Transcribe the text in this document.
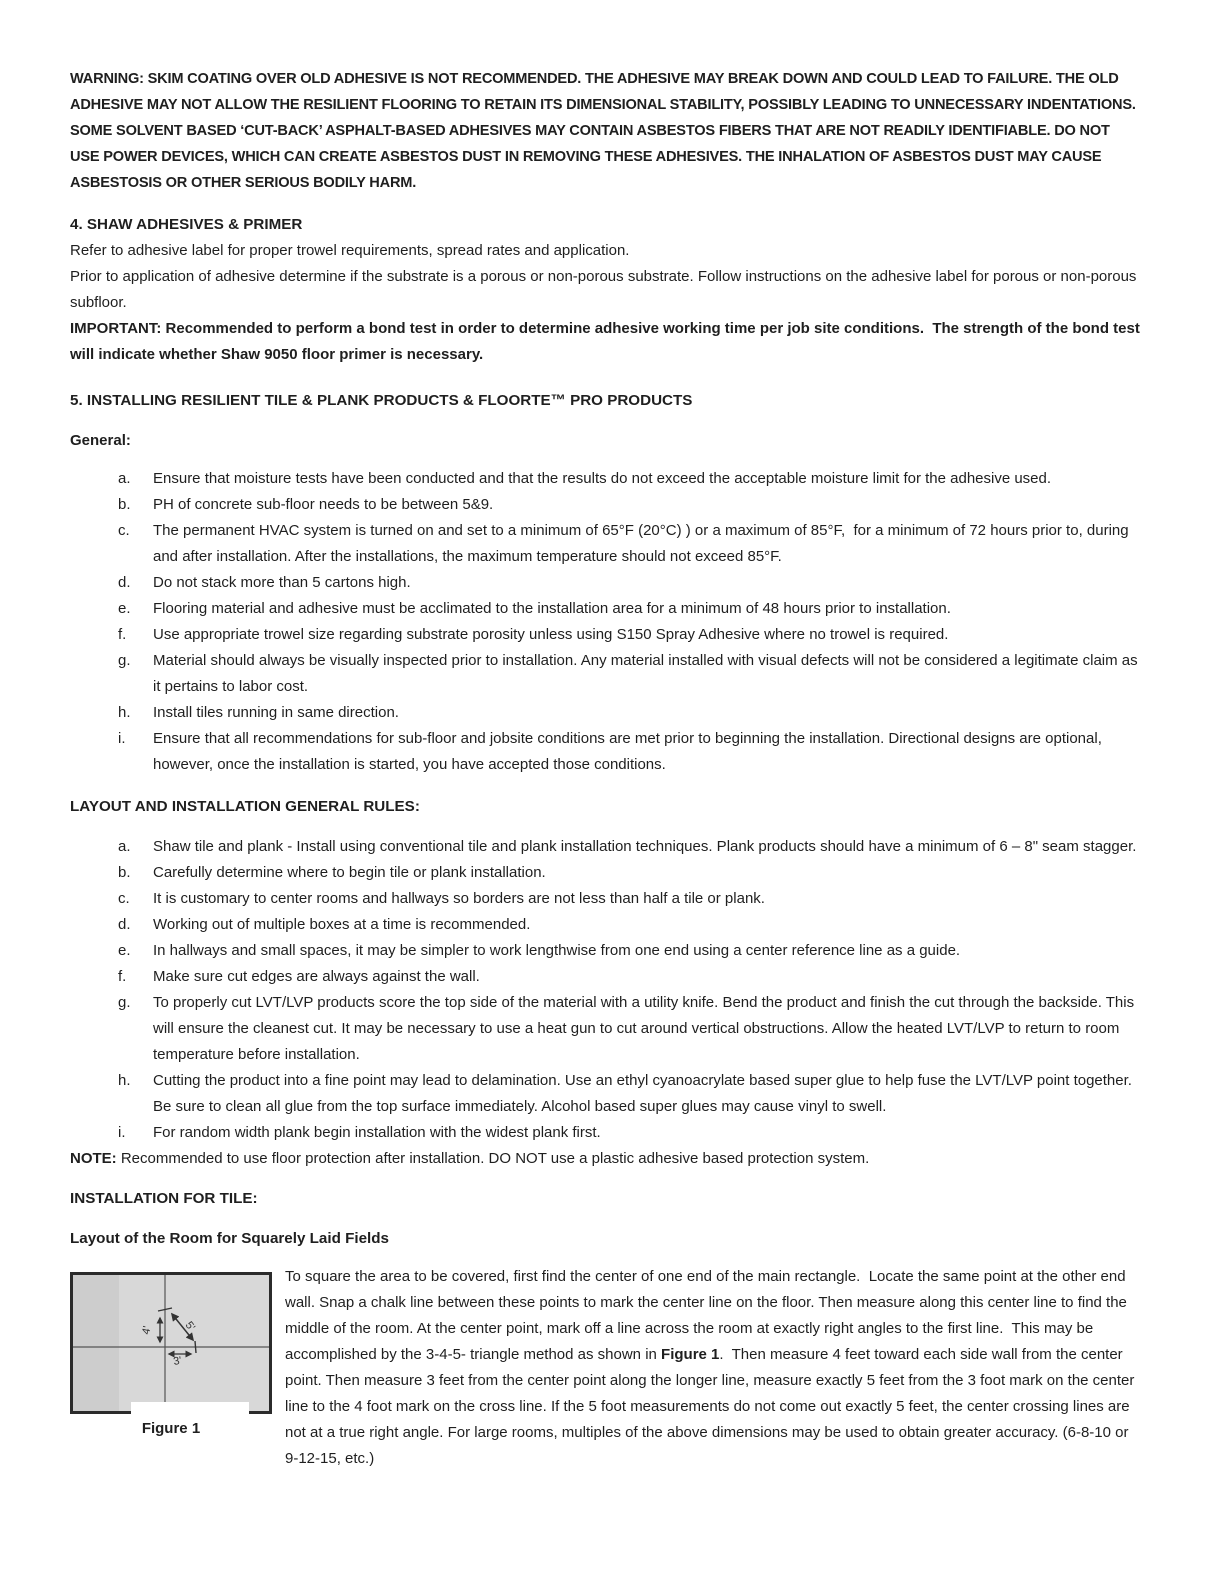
WARNING: SKIM COATING OVER OLD ADHESIVE IS NOT RECOMMENDED. THE ADHESIVE MAY BREAK DOWN AND COULD LEAD TO FAILURE. THE OLD ADHESIVE MAY NOT ALLOW THE RESILIENT FLOORING TO RETAIN ITS DIMENSIONAL STABILITY, POSSIBLY LEADING TO UNNECESSARY INDENTATIONS. SOME SOLVENT BASED ‘CUT-BACK’ ASPHALT-BASED ADHESIVES MAY CONTAIN ASBESTOS FIBERS THAT ARE NOT READILY IDENTIFIABLE. DO NOT USE POWER DEVICES, WHICH CAN CREATE ASBESTOS DUST IN REMOVING THESE ADHESIVES. THE INHALATION OF ASBESTOS DUST MAY CAUSE ASBESTOSIS OR OTHER SERIOUS BODILY HARM.

4. SHAW ADHESIVES & PRIMER

Refer to adhesive label for proper trowel requirements, spread rates and application.

Prior to application of adhesive determine if the substrate is a porous or non-porous substrate. Follow instructions on the adhesive label for porous or non-porous subfloor.

IMPORTANT: Recommended to perform a bond test in order to determine adhesive working time per job site conditions.  The strength of the bond test will indicate whether Shaw 9050 floor primer is necessary.

5. INSTALLING RESILIENT TILE & PLANK PRODUCTS & FLOORTE™ PRO PRODUCTS

General:

a.	Ensure that moisture tests have been conducted and that the results do not exceed the acceptable moisture limit for the adhesive used.
b.	PH of concrete sub-floor needs to be between 5&9.
c.	The permanent HVAC system is turned on and set to a minimum of 65°F (20°C) ) or a maximum of 85°F,  for a minimum of 72 hours prior to, during and after installation. After the installations, the maximum temperature should not exceed 85°F.
d.	Do not stack more than 5 cartons high.
e.	Flooring material and adhesive must be acclimated to the installation area for a minimum of 48 hours prior to installation.
f.	Use appropriate trowel size regarding substrate porosity unless using S150 Spray Adhesive where no trowel is required.
g.	Material should always be visually inspected prior to installation. Any material installed with visual defects will not be considered a legitimate claim as it pertains to labor cost.
h.	Install tiles running in same direction.
i.	Ensure that all recommendations for sub-floor and jobsite conditions are met prior to beginning the installation. Directional designs are optional, however, once the installation is started, you have accepted those conditions.

LAYOUT AND INSTALLATION GENERAL RULES:

a.	Shaw tile and plank - Install using conventional tile and plank installation techniques. Plank products should have a minimum of 6 – 8" seam stagger.
b.	Carefully determine where to begin tile or plank installation.
c.	It is customary to center rooms and hallways so borders are not less than half a tile or plank.
d.	Working out of multiple boxes at a time is recommended.
e.	In hallways and small spaces, it may be simpler to work lengthwise from one end using a center reference line as a guide.
f.	Make sure cut edges are always against the wall.
g.	To properly cut LVT/LVP products score the top side of the material with a utility knife. Bend the product and finish the cut through the backside. This will ensure the cleanest cut. It may be necessary to use a heat gun to cut around vertical obstructions. Allow the heated LVT/LVP to return to room temperature before installation.
h.	Cutting the product into a fine point may lead to delamination. Use an ethyl cyanoacrylate based super glue to help fuse the LVT/LVP point together. Be sure to clean all glue from the top surface immediately. Alcohol based super glues may cause vinyl to swell.
i.	For random width plank begin installation with the widest plank first.

NOTE: Recommended to use floor protection after installation. DO NOT use a plastic adhesive based protection system.

INSTALLATION FOR TILE:

Layout of the Room for Squarely Laid Fields

4'	5'
3'
Figure 1

To square the area to be covered, first find the center of one end of the main rectangle.  Locate the same point at the other end wall. Snap a chalk line between these points to mark the center line on the floor. Then measure along this center line to find the middle of the room. At the center point, mark off a line across the room at exactly right angles to the first line.  This may be   accomplished by the 3-4-5- triangle method as shown in Figure 1.  Then measure 4 feet toward each side wall from the center point. Then measure 3 feet from the center point along the longer line, measure exactly 5 feet from the 3 foot mark on the center line to the 4 foot mark on the cross line. If the 5 foot measurements do not come out exactly 5 feet, the center crossing lines are not at a true right angle. For large rooms, multiples of the above dimensions may be used to obtain greater accuracy. (6-8-10 or 9-12-15, etc.)
